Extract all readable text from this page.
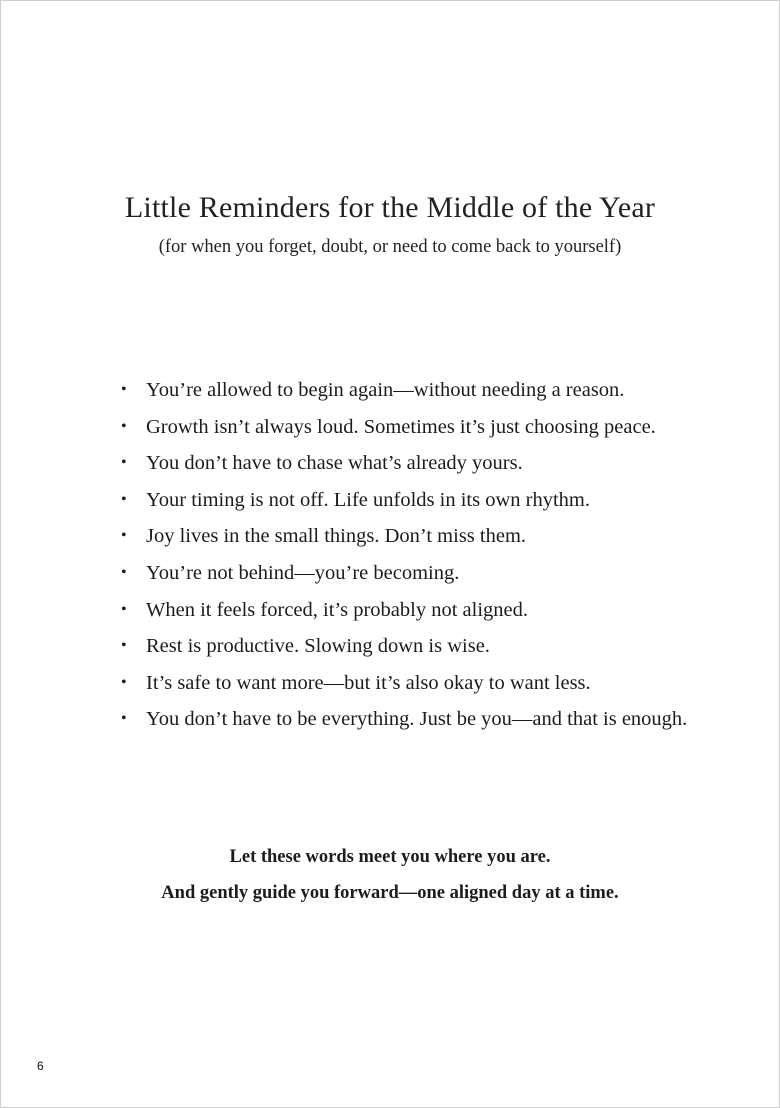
Little Reminders for the Middle of the Year

(for when you forget, doubt, or need to come back to yourself)

• You’re allowed to begin again—without needing a reason.
• Growth isn’t always loud. Sometimes it’s just choosing peace.
• You don’t have to chase what’s already yours.
• Your timing is not off. Life unfolds in its own rhythm.
• Joy lives in the small things. Don’t miss them.
• You’re not behind—you’re becoming.
• When it feels forced, it’s probably not aligned.
• Rest is productive. Slowing down is wise.
• It’s safe to want more—but it’s also okay to want less.
• You don’t have to be everything. Just be you—and that is enough.
Let these words meet you where you are.
And gently guide you forward—one aligned day at a time.
6
